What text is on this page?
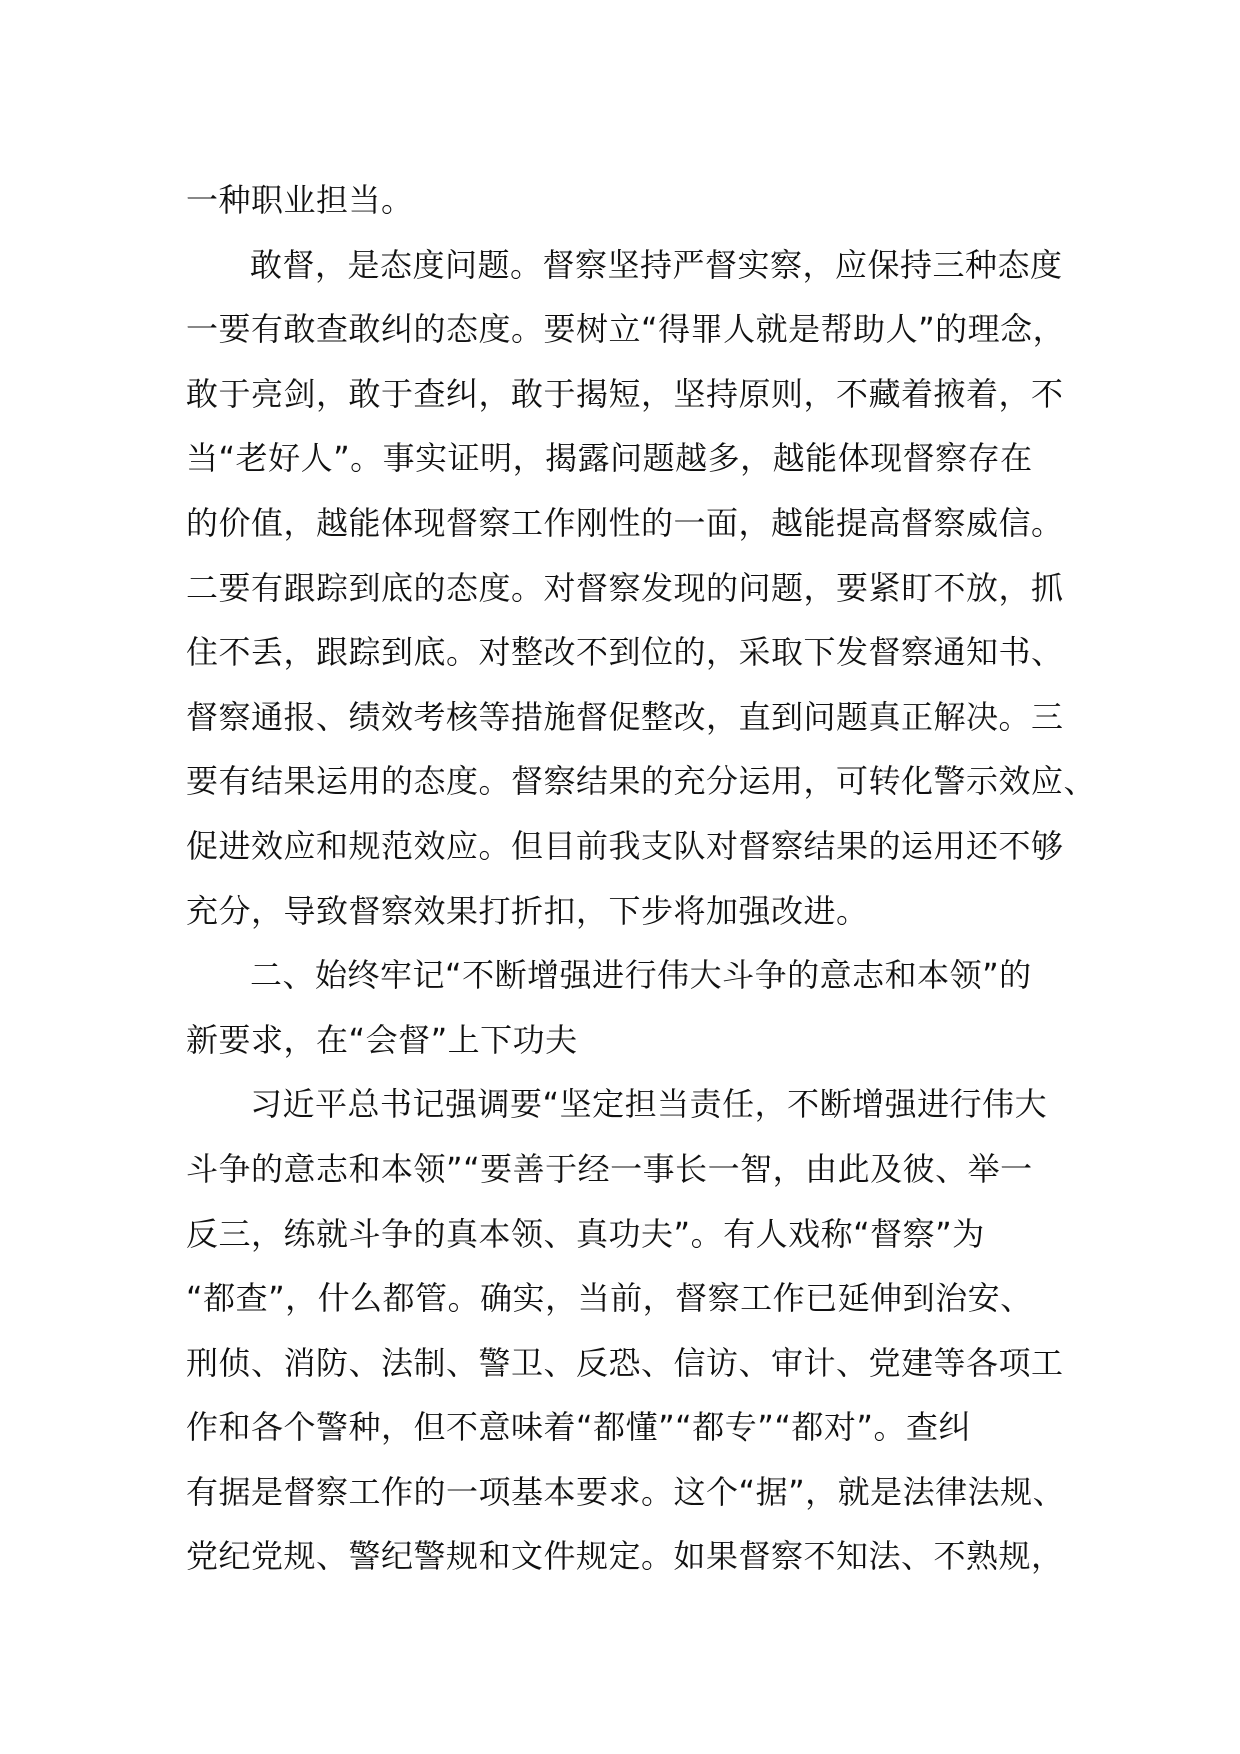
一种职业担当。
敢督，是态度问题。督察坚持严督实察，应保持三种态度
一要有敢查敢纠的态度。要树立“得罪人就是帮助人”的理念，
敢于亮剑，敢于查纠，敢于揭短，坚持原则，不藏着掖着，不
当“老好人”。事实证明，揭露问题越多，越能体现督察存在
的价值，越能体现督察工作刚性的一面，越能提高督察威信。
二要有跟踪到底的态度。对督察发现的问题，要紧盯不放，抓
住不丢，跟踪到底。对整改不到位的，采取下发督察通知书、
督察通报、绩效考核等措施督促整改，直到问题真正解决。三
要有结果运用的态度。督察结果的充分运用，可转化警示效应、
促进效应和规范效应。但目前我支队对督察结果的运用还不够
充分，导致督察效果打折扣，下步将加强改进。
二、始终牢记“不断增强进行伟大斗争的意志和本领”的
新要求，在“会督”上下功夫
习近平总书记强调要“坚定担当责任，不断增强进行伟大
斗争的意志和本领”“要善于经一事长一智，由此及彼、举一
反三，练就斗争的真本领、真功夫”。有人戏称“督察”为
“都查”，什么都管。确实，当前，督察工作已延伸到治安、
刑侦、消防、法制、警卫、反恐、信访、审计、党建等各项工
作和各个警种，但不意味着“都懂”“都专”“都对”。查纠
有据是督察工作的一项基本要求。这个“据”，就是法律法规、
党纪党规、警纪警规和文件规定。如果督察不知法、不熟规，
